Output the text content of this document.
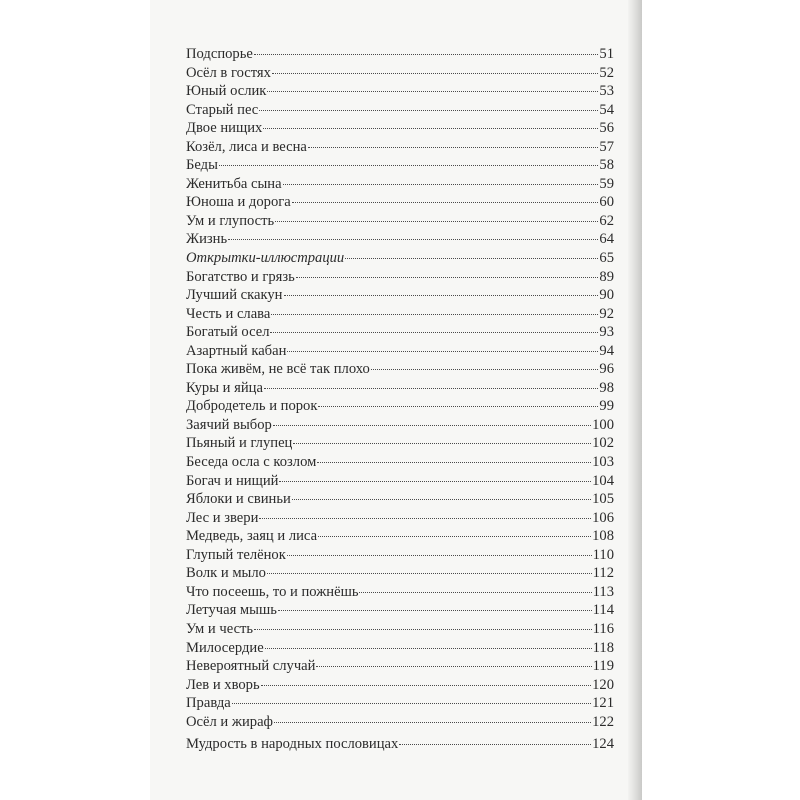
Подспорье	51
Осёл в гостях	52
Юный ослик	53
Старый пес	54
Двое нищих	56
Козёл, лиса и весна	57
Беды	58
Женитьба сына	59
Юноша и дорога	60
Ум и глупость	62
Жизнь	64
Открытки-иллюстрации	65
Богатство и грязь	89
Лучший скакун	90
Честь и слава	92
Богатый осел	93
Азартный кабан	94
Пока живём, не всё так плохо	96
Куры и яйца	98
Добродетель и порок	99
Заячий выбор	100
Пьяный и глупец	102
Беседа осла с козлом	103
Богач и нищий	104
Яблоки и свиньи	105
Лес и звери	106
Медведь, заяц и лиса	108
Глупый телёнок	110
Волк и мыло	112
Что посеешь, то и пожнёшь	113
Летучая мышь	114
Ум и честь	116
Милосердие	118
Невероятный случай	119
Лев и хворь	120
Правда	121
Осёл и жираф	122
Мудрость в народных пословицах	124
